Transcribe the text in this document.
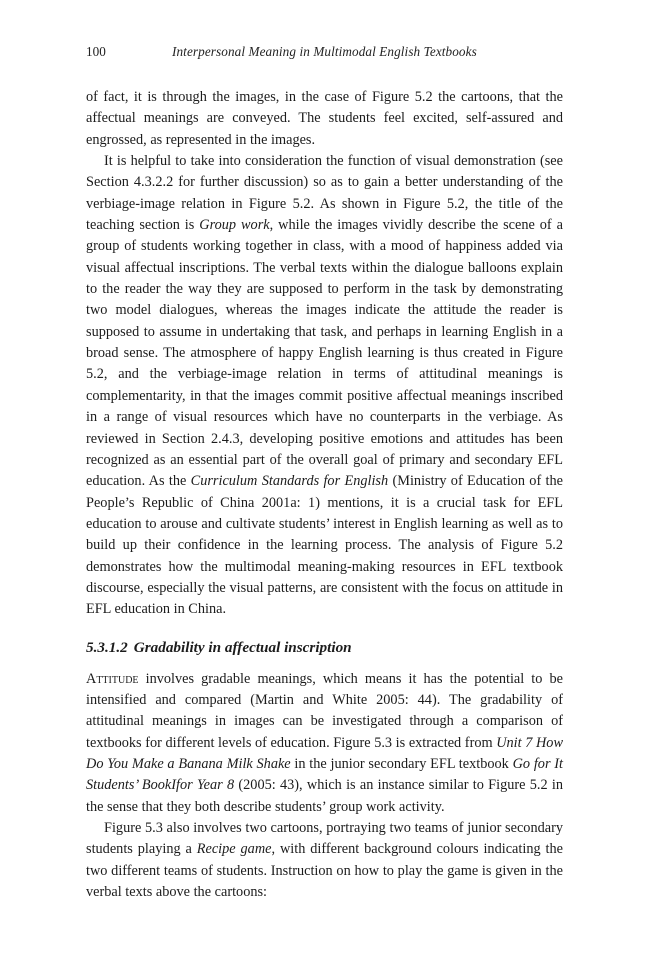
100	Interpersonal Meaning in Multimodal English Textbooks

of fact, it is through the images, in the case of Figure 5.2 the cartoons, that the affectual meanings are conveyed. The students feel excited, self-assured and engrossed, as represented in the images.

It is helpful to take into consideration the function of visual demonstration (see Section 4.3.2.2 for further discussion) so as to gain a better understanding of the verbiage-image relation in Figure 5.2. As shown in Figure 5.2, the title of the teaching section is Group work, while the images vividly describe the scene of a group of students working together in class, with a mood of happiness added via visual affectual inscriptions. The verbal texts within the dialogue balloons explain to the reader the way they are supposed to perform in the task by demonstrating two model dialogues, whereas the images indicate the attitude the reader is supposed to assume in undertaking that task, and perhaps in learning English in a broad sense. The atmosphere of happy English learning is thus created in Figure 5.2, and the verbiage-image relation in terms of attitudinal meanings is complementarity, in that the images commit positive affectual meanings inscribed in a range of visual resources which have no counterparts in the verbiage. As reviewed in Section 2.4.3, developing positive emotions and attitudes has been recognized as an essential part of the overall goal of primary and secondary EFL education. As the Curriculum Standards for English (Ministry of Education of the People’s Republic of China 2001a: 1) mentions, it is a crucial task for EFL education to arouse and cultivate students’ interest in English learning as well as to build up their confidence in the learning process. The analysis of Figure 5.2 demonstrates how the multimodal meaning-making resources in EFL textbook discourse, especially the visual patterns, are consistent with the focus on attitude in EFL education in China.

5.3.1.2 Gradability in affectual inscription

Attitude involves gradable meanings, which means it has the potential to be intensified and compared (Martin and White 2005: 44). The gradability of attitudinal meanings in images can be investigated through a comparison of textbooks for different levels of education. Figure 5.3 is extracted from Unit 7 How Do You Make a Banana Milk Shake in the junior secondary EFL textbook Go for It Students’ BookIfor Year 8 (2005: 43), which is an instance similar to Figure 5.2 in the sense that they both describe students’ group work activity.

Figure 5.3 also involves two cartoons, portraying two teams of junior secondary students playing a Recipe game, with different background colours indicating the two different teams of students. Instruction on how to play the game is given in the verbal texts above the cartoons:
